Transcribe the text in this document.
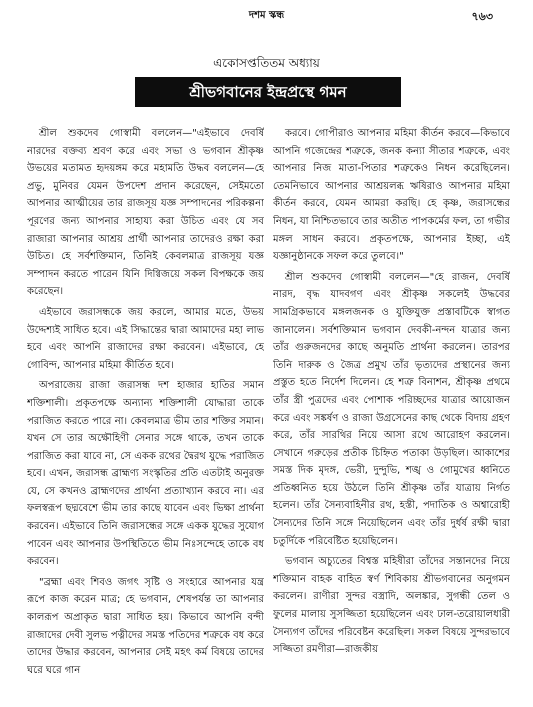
দশম স্কন্ধ	৭৬৩
একোসপ্ততিতম অধ্যায়
শ্রীভগবানের ইন্দ্রপ্রস্থে গমন

শ্রীল শুকদেব গোস্বামী বললেন—"এইভাবে দেবর্ষি নারদের বক্তব্য শ্রবণ করে এবং সভা ও ভগবান শ্রীকৃষ্ণ উভয়ের মতামত হৃদয়ঙ্গম করে মহামতি উদ্ধব বললেন—হে প্রভু, মুনিবর যেমন উপদেশ প্রদান করেছেন, সেইমতো আপনার আত্মীয়ের তার রাজসূয় যজ্ঞ সম্পাদনের পরিকল্পনা পূরণের জন্য আপনার সাহায্য করা উচিত এবং যে সব রাজারা আপনার আশ্রয় প্রার্থী আপনার তাদেরও রক্ষা করা উচিত। হে সর্বশক্তিমান, তিনিই কেবলমাত্র রাজসূয় যজ্ঞ সম্পাদন করতে পারেন যিনি দিগ্বিজয়ে সকল বিপক্ষকে জয় করেছেন।

এইভাবে জরাসন্ধকে জয় করলে, আমার মতে, উভয় উদ্দেশ্যই সাধিত হবে। এই সিদ্ধান্তের দ্বারা আমাদের মহা লাভ হবে এবং আপনি রাজাদের রক্ষা করবেন। এইভাবে, হে গোবিন্দ, আপনার মহিমা কীর্তিত হবে।

অপরাজেয় রাজা জরাসন্ধ দশ হাজার হাতির সমান শক্তিশালী। প্রকৃতপক্ষে অন্যান্য শক্তিশালী যোদ্ধারা তাকে পরাজিত করতে পারে না। কেবলমাত্র ভীম তার শক্তির সমান। যখন সে তার অক্ষৌহিণী সেনার সঙ্গে থাকে, তখন তাকে পরাজিত করা যাবে না, সে একক রথের দ্বৈরথ যুদ্ধে পরাজিত হবে। এখন, জরাসন্ধ ব্রাহ্মণ্য সংস্কৃতির প্রতি এতটাই অনুরক্ত যে, সে কখনও ব্রাহ্মণদের প্রার্থনা প্রত্যাখ্যান করবে না। এর ফলস্বরূপ ছদ্মবেশে ভীম তার কাছে যাবেন এবং ভিক্ষা প্রার্থনা করবেন। এইভাবে তিনি জরাসন্ধের সঙ্গে একক যুদ্ধের সুযোগ পাবেন এবং আপনার উপস্থিতিতে ভীম নিঃসন্দেহে তাকে বধ করবেন।

"ব্রহ্মা এবং শিবও জগৎ সৃষ্টি ও সংহারে আপনার যন্ত্র রূপে কাজ করেন মাত্র; হে ভগবান, শেষপর্যন্ত তা আপনার কালরূপ অপ্রাকৃত দ্বারা সাধিত হয়। কিভাবে আপনি বন্দী রাজাদের দেবী সুলভ পত্নীদের সমস্ত পতিদের শত্রুকে বধ করে তাদের উদ্ধার করবেন, আপনার সেই মহৎ কর্ম বিষয়ে তাদের ঘরে ঘরে গান

করবে। গোপীরাও আপনার মহিমা কীর্তন করবে—কিভাবে আপনি গজেন্দ্রের শত্রুকে, জনক কন্যা সীতার শত্রুকে, এবং আপনার নিজ মাতা-পিতার শত্রুকেও নিধন করেছিলেন। তেমনিভাবে আপনার আশ্রয়লব্ধ ঋষিরাও আপনার মহিমা কীর্তন করবে, যেমন আমরা করছি। হে কৃষ্ণ, জরাসন্ধের নিধন, যা নিশ্চিতভাবে তার অতীত পাপকর্মের ফল, তা গভীর মঙ্গল সাধন করবে। প্রকৃতপক্ষে, আপনার ইচ্ছা, এই যজ্ঞানুষ্ঠানকে সফল করে তুলবে।"

শ্রীল শুকদেব গোস্বামী বললেন—"হে রাজন, দেবর্ষি নারদ, বৃদ্ধ যাদবগণ এবং শ্রীকৃষ্ণ সকলেই উদ্ধবের সামগ্রিকভাবে মঙ্গলজনক ও যুক্তিযুক্ত প্রস্তাবটিকে স্বাগত জানালেন। সর্বশক্তিমান ভগবান দেবকী-নন্দন যাত্রার জন্য তাঁর গুরুজনদের কাছে অনুমতি প্রার্থনা করলেন। তারপর তিনি দারুক ও জৈত্র প্রমুখ তাঁর ভৃত্যদের প্রস্থানের জন্য প্রস্তুত হতে নির্দেশ দিলেন। হে শত্রু বিনাশন, শ্রীকৃষ্ণ প্রথমে তাঁর স্ত্রী পুত্রদের এবং পোশাক পরিচ্ছদের যাত্রার আয়োজন করে এবং সঙ্কর্ষণ ও রাজা উগ্রসেনের কাছ থেকে বিদায় গ্রহণ করে, তাঁর সারথির নিয়ে আসা রথে আরোহণ করলেন। সেখানে গরুড়ের প্রতীক চিহ্নিত পতাকা উড়ছিল। আকাশের সমস্ত দিক মৃদঙ্গ, ভেরী, দুন্দুভি, শঙ্খ ও গোমুখের ধ্বনিতে প্রতিধ্বনিত হয়ে উঠলে তিনি শ্রীকৃষ্ণ তাঁর যাত্রায় নির্গত হলেন। তাঁর সৈন্যবাহিনীর রথ, হস্তী, পদাতিক ও অশ্বারোহী সৈন্যদের তিনি সঙ্গে নিয়েছিলেন এবং তাঁর দুর্ধর্ষ রক্ষী দ্বারা চতুর্দিকে পরিবেষ্টিত হয়েছিলেন।

ভগবান অচ্যুতের বিশ্বস্ত মহিষীরা তাঁদের সন্তানদের নিয়ে শক্তিমান বাহক বাহিত স্বর্ণ শিবিকায় শ্রীভগবানের অনুগমন করলেন। রাণীরা সুন্দর বস্ত্রাদি, অলঙ্কার, সুগন্ধী তেল ও ফুলের মালায় সুসজ্জিতা হয়েছিলেন এবং ঢাল-তরোয়ালধারী সৈন্যগণ তাঁদের পরিবেষ্টন করেছিল। সকল বিষয়ে সুন্দরভাবে সজ্জিতা রমণীরা—রাজকীয়
